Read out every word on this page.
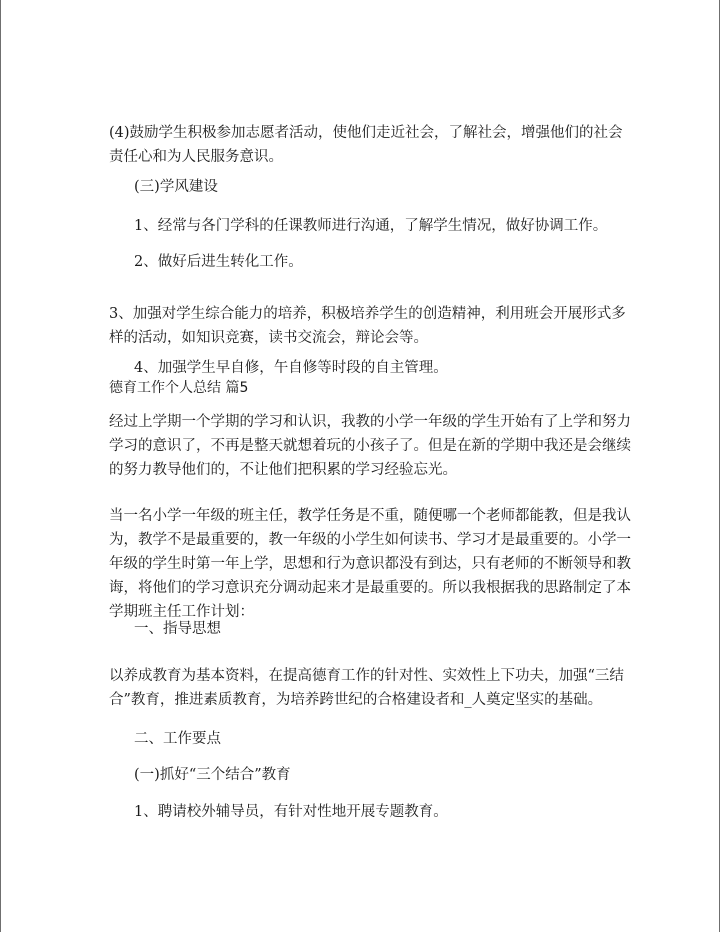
(4)鼓励学生积极参加志愿者活动，使他们走近社会，了解社会，增强他们的社会
责任心和为人民服务意识。
(三)学风建设
1、经常与各门学科的任课教师进行沟通，了解学生情况，做好协调工作。
2、做好后进生转化工作。
3、加强对学生综合能力的培养，积极培养学生的创造精神，利用班会开展形式多
样的活动，如知识竞赛，读书交流会，辩论会等。
4、加强学生早自修，午自修等时段的自主管理。
德育工作个人总结 篇5
经过上学期一个学期的学习和认识，我教的小学一年级的学生开始有了上学和努力
学习的意识了，不再是整天就想着玩的小孩子了。但是在新的学期中我还是会继续
的努力教导他们的，不让他们把积累的学习经验忘光。
当一名小学一年级的班主任，教学任务是不重，随便哪一个老师都能教，但是我认
为，教学不是最重要的，教一年级的小学生如何读书、学习才是最重要的。小学一
年级的学生时第一年上学，思想和行为意识都没有到达，只有老师的不断领导和教
诲，将他们的学习意识充分调动起来才是最重要的。所以我根据我的思路制定了本
学期班主任工作计划：
一、指导思想
以养成教育为基本资料，在提高德育工作的针对性、实效性上下功夫，加强“三结
合”教育，推进素质教育，为培养跨世纪的合格建设者和_人奠定坚实的基础。
二、工作要点
(一)抓好“三个结合”教育
1、聘请校外辅导员，有针对性地开展专题教育。
